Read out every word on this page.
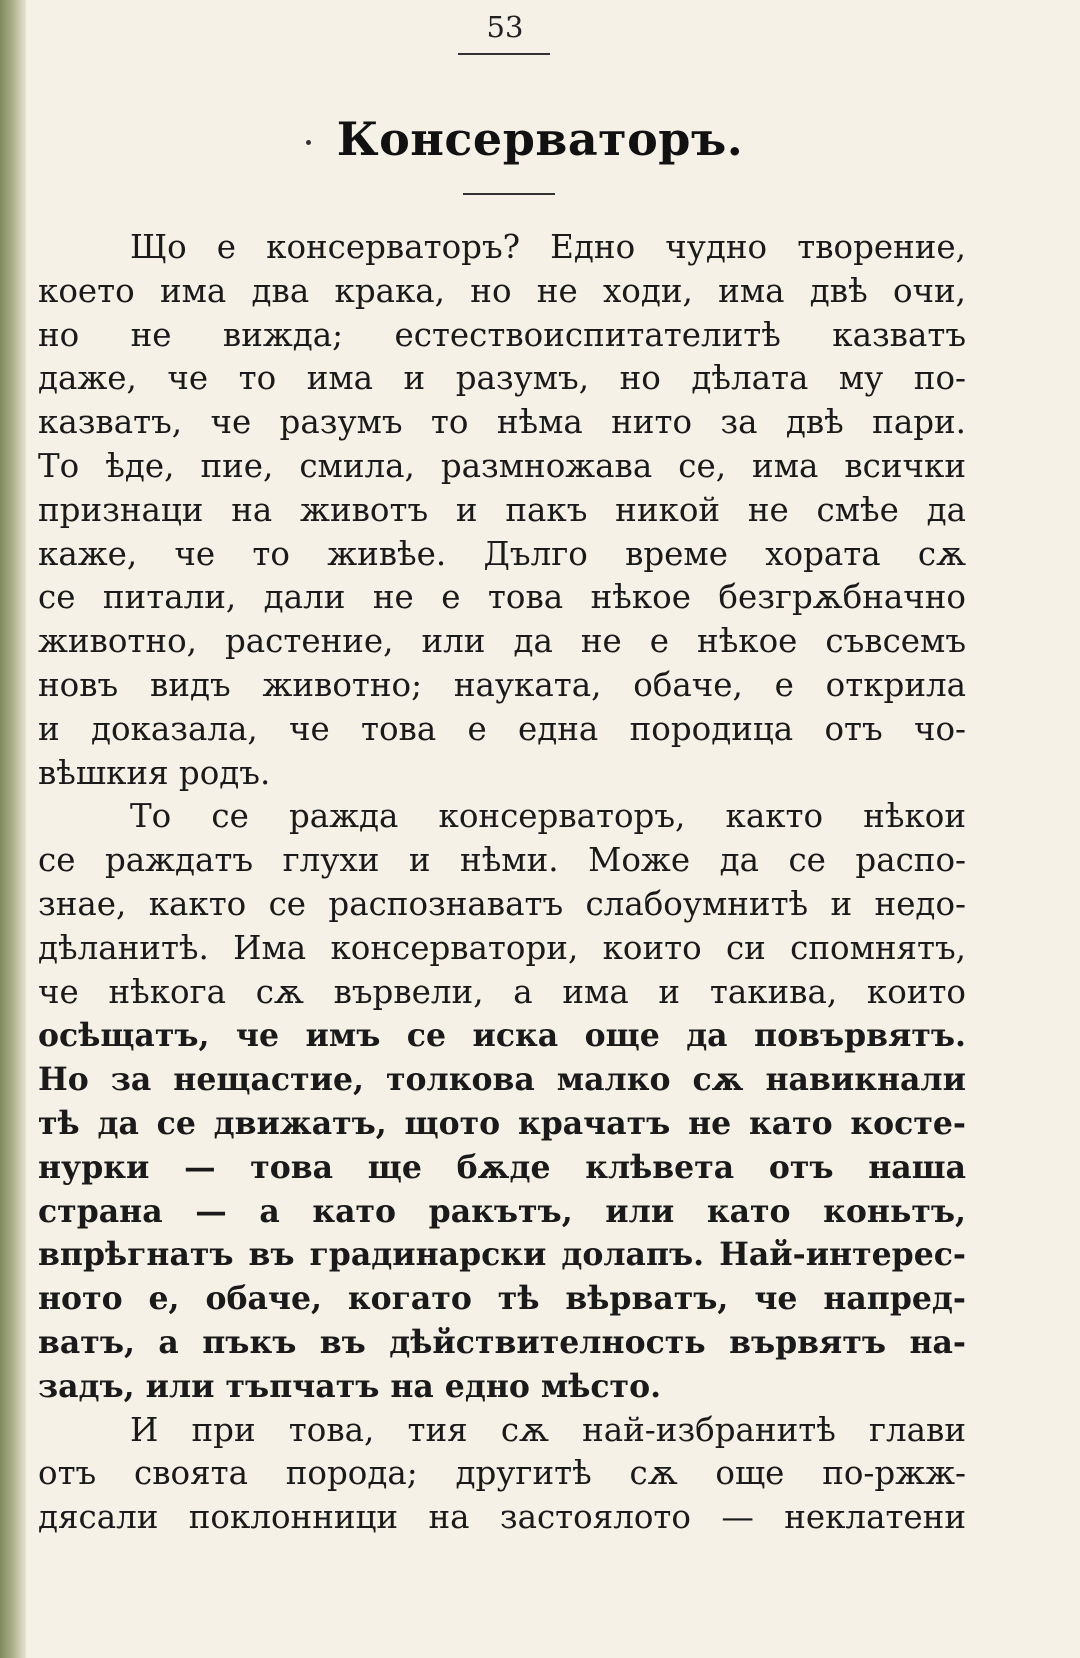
53
Консерваторъ.
Що е консерваторъ? Едно чудно творение,
което има два крака, но не ходи, има двѣ очи,
но не вижда; естествоиспитателитѣ казватъ
даже, че то има и разумъ, но дѣлата му по-
казватъ, че разумъ то нѣма нито за двѣ пари.
То ѣде, пие, смила, размножава се, има всички
признаци на животъ и пакъ никой не смѣе да
каже, че то живѣе. Дълго време хората сѫ
се питали, дали не е това нѣкое безгрѫбначно
животно, растение, или да не е нѣкое съвсемъ
новъ видъ животно; науката, обаче, е открила
и доказала, че това е една породица отъ чо-
вѣшкия родъ.
То се ражда консерваторъ, както нѣкои
се раждатъ глухи и нѣми. Може да се распо-
знае, както се распознаватъ слабоумнитѣ и недо-
дѣланитѣ. Има консерватори, които си спомнятъ,
че нѣкога сѫ вървели, а има и такива, които
осѣщатъ, че имъ се иска още да повървятъ.
Но за нещастие, толкова малко сѫ навикнали
тѣ да се движатъ, щото крачатъ не като косте-
нурки — това ще бѫде клѣвета отъ наша
страна — а като ракътъ, или като коньтъ,
впрѣгнатъ въ градинарски долапъ. Най-интерес-
ното е, обаче, когато тѣ вѣрватъ, че напред-
ватъ, а пъкъ въ дѣйствителность вървятъ на-
задъ, или тъпчатъ на едно мѣсто.
И при това, тия сѫ най-избранитѣ глави
отъ своята порода; другитѣ сѫ още по-ржж-
дясали поклонници на застоялото — неклатени
